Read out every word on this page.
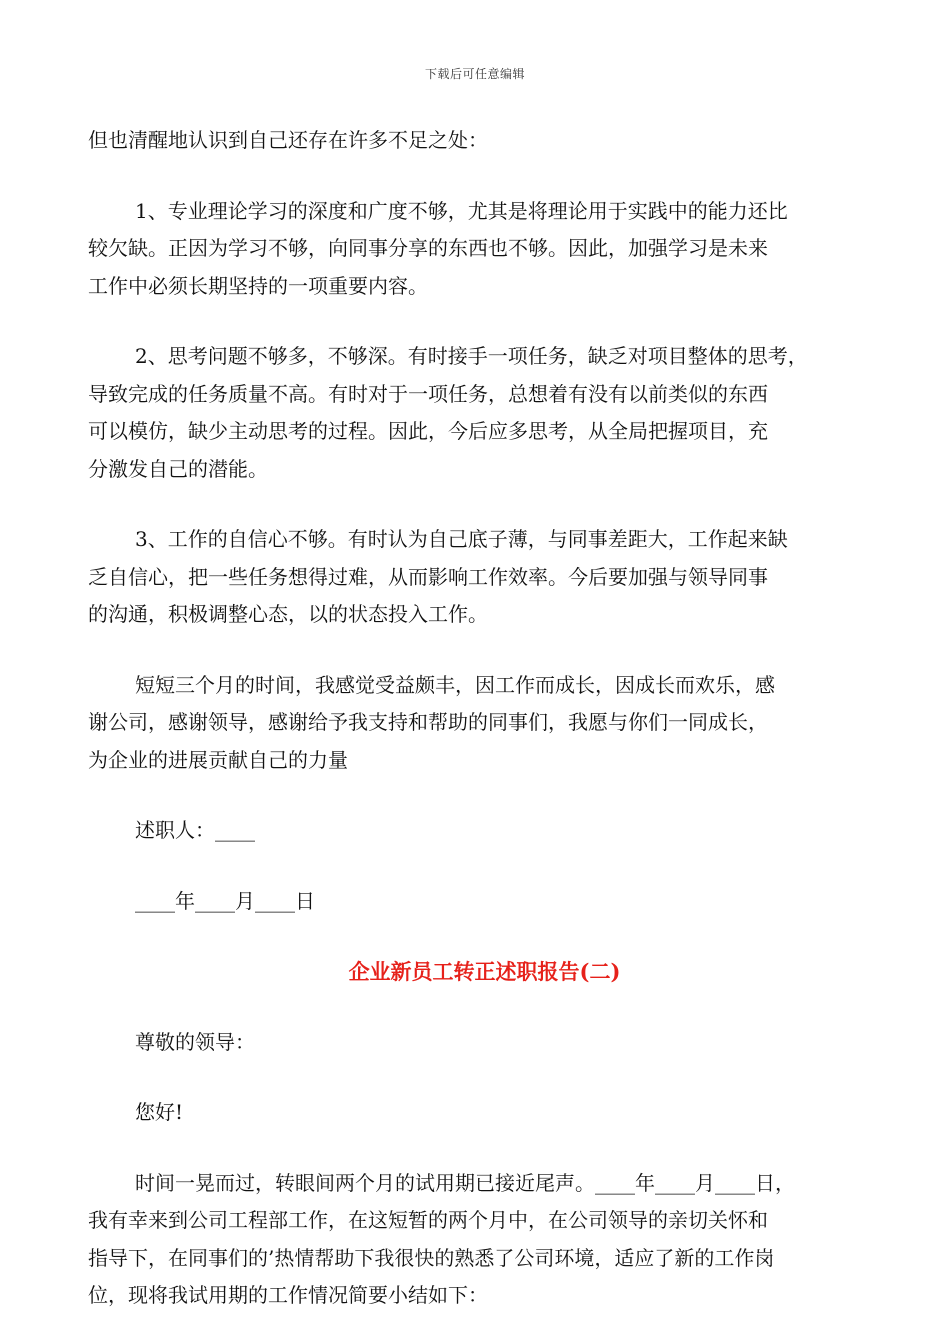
下载后可任意编辑

但也清醒地认识到自己还存在许多不足之处：

1、专业理论学习的深度和广度不够，尤其是将理论用于实践中的能力还比
较欠缺。正因为学习不够，向同事分享的东西也不够。因此，加强学习是未来
工作中必须长期坚持的一项重要内容。

2、思考问题不够多，不够深。有时接手一项任务，缺乏对项目整体的思考，
导致完成的任务质量不高。有时对于一项任务，总想着有没有以前类似的东西
可以模仿，缺少主动思考的过程。因此，今后应多思考，从全局把握项目，充
分激发自己的潜能。

3、工作的自信心不够。有时认为自己底子薄，与同事差距大，工作起来缺
乏自信心，把一些任务想得过难，从而影响工作效率。今后要加强与领导同事
的沟通，积极调整心态，以的状态投入工作。

短短三个月的时间，我感觉受益颇丰，因工作而成长，因成长而欢乐，感
谢公司，感谢领导，感谢给予我支持和帮助的同事们，我愿与你们一同成长，
为企业的进展贡献自己的力量

述职人：____

____年____月____日

企业新员工转正述职报告(二)

尊敬的领导：

您好!

时间一晃而过，转眼间两个月的试用期已接近尾声。____年____月____日，
我有幸来到公司工程部工作，在这短暂的两个月中，在公司领导的亲切关怀和
指导下，在同事们的’热情帮助下我很快的熟悉了公司环境，适应了新的工作岗
位，现将我试用期的工作情况简要小结如下：
